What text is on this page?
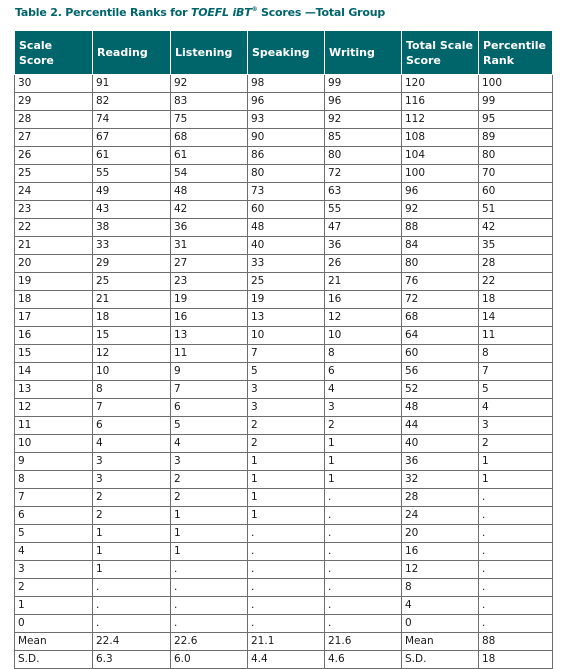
Table 2. Percentile Ranks for TOEFL iBT® Scores —Total Group
Scale Score	Reading	Listening	Speaking	Writing	Total Scale Score	Percentile Rank
30	91	92	98	99	120	100
29	82	83	96	96	116	99
28	74	75	93	92	112	95
27	67	68	90	85	108	89
26	61	61	86	80	104	80
25	55	54	80	72	100	70
24	49	48	73	63	96	60
23	43	42	60	55	92	51
22	38	36	48	47	88	42
21	33	31	40	36	84	35
20	29	27	33	26	80	28
19	25	23	25	21	76	22
18	21	19	19	16	72	18
17	18	16	13	12	68	14
16	15	13	10	10	64	11
15	12	11	7	8	60	8
14	10	9	5	6	56	7
13	8	7	3	4	52	5
12	7	6	3	3	48	4
11	6	5	2	2	44	3
10	4	4	2	1	40	2
9	3	3	1	1	36	1
8	3	2	1	1	32	1
7	2	2	1	.	28	.
6	2	1	1	.	24	.
5	1	1	.	.	20	.
4	1	1	.	.	16	.
3	1	.	.	.	12	.
2	.	.	.	.	8	.
1	.	.	.	.	4	.
0	.	.	.	.	0	.
Mean	22.4	22.6	21.1	21.6	Mean	88
S.D.	6.3	6.0	4.4	4.6	S.D.	18
